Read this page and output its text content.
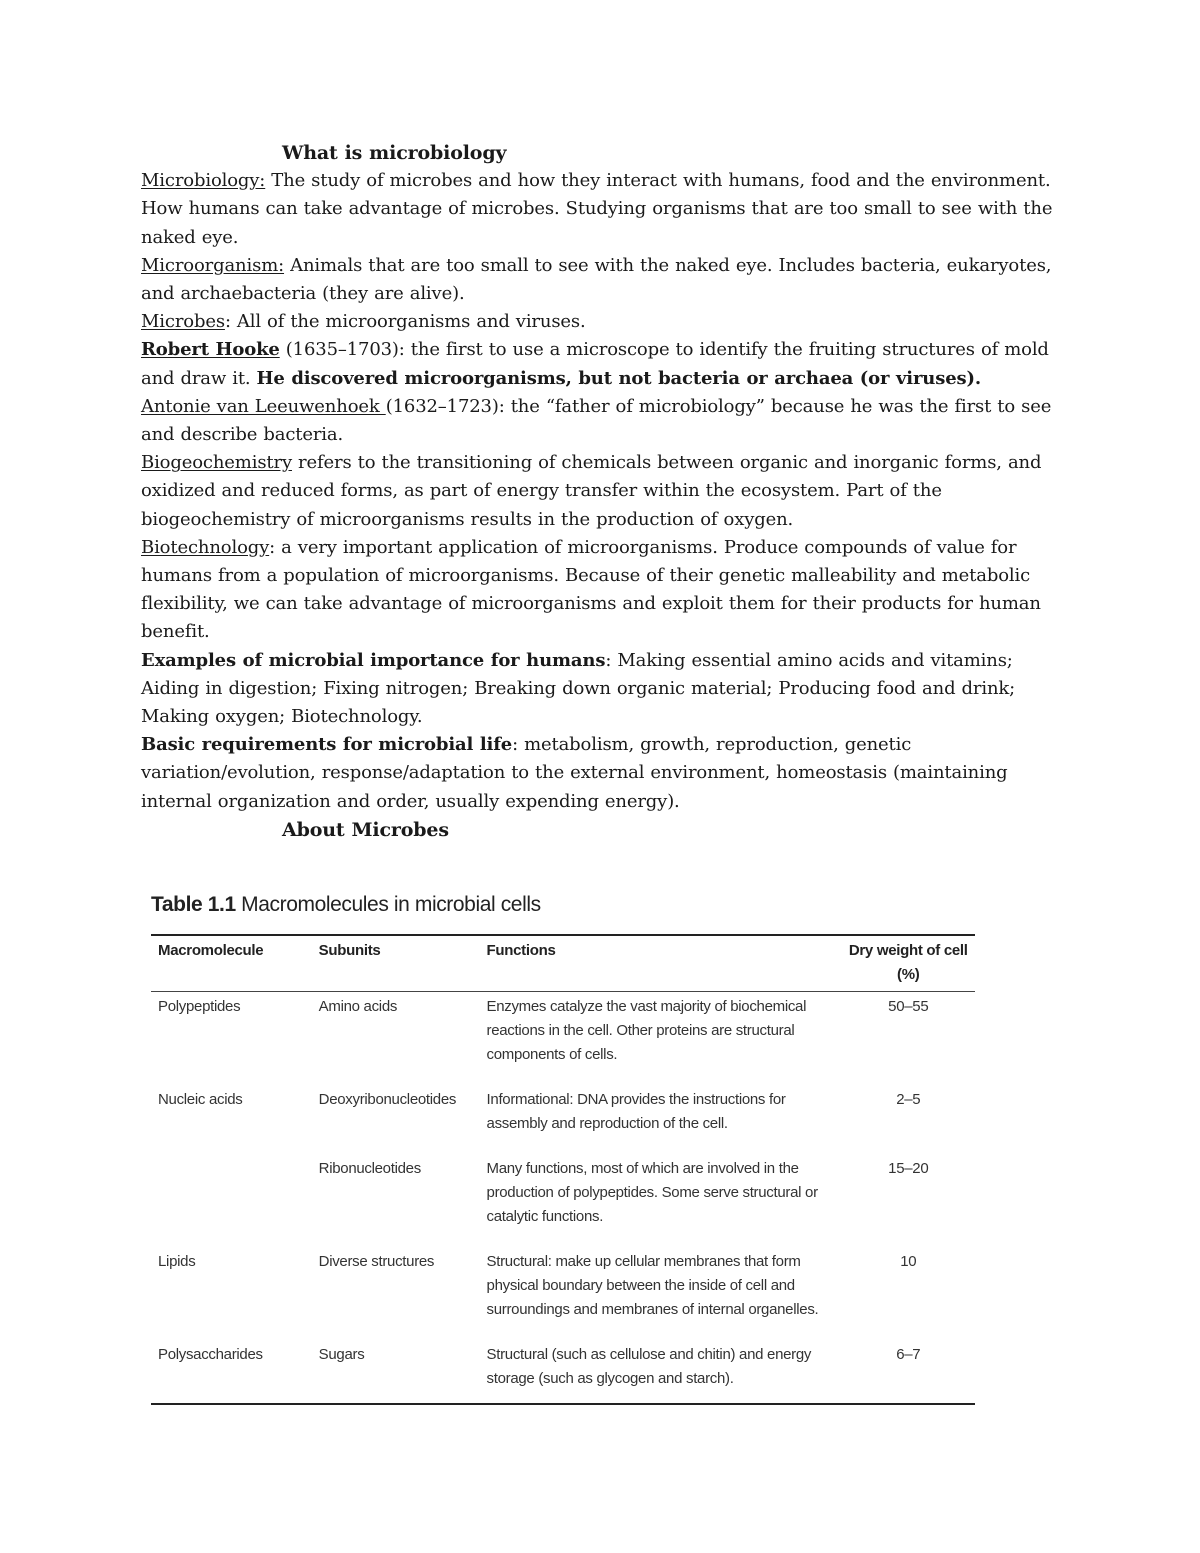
What is microbiology

Microbiology: The study of microbes and how they interact with humans, food and the environment. How humans can take advantage of microbes. Studying organisms that are too small to see with the naked eye.

Microorganism: Animals that are too small to see with the naked eye. Includes bacteria, eukaryotes, and archaebacteria (they are alive).

Microbes: All of the microorganisms and viruses.

Robert Hooke (1635–1703): the first to use a microscope to identify the fruiting structures of mold and draw it. He discovered microorganisms, but not bacteria or archaea (or viruses).

Antonie van Leeuwenhoek (1632–1723): the “father of microbiology” because he was the first to see and describe bacteria.

Biogeochemistry refers to the transitioning of chemicals between organic and inorganic forms, and oxidized and reduced forms, as part of energy transfer within the ecosystem. Part of the biogeochemistry of microorganisms results in the production of oxygen.

Biotechnology: a very important application of microorganisms. Produce compounds of value for humans from a population of microorganisms. Because of their genetic malleability and metabolic flexibility, we can take advantage of microorganisms and exploit them for their products for human benefit.

Examples of microbial importance for humans: Making essential amino acids and vitamins; Aiding in digestion; Fixing nitrogen; Breaking down organic material; Producing food and drink; Making oxygen; Biotechnology.

Basic requirements for microbial life: metabolism, growth, reproduction, genetic variation/evolution, response/adaptation to the external environment, homeostasis (maintaining internal organization and order, usually expending energy).

About Microbes

Table 1.1 Macromolecules in microbial cells

Macromolecule	Subunits	Functions	Dry weight of cell (%)
Polypeptides	Amino acids	Enzymes catalyze the vast majority of biochemical reactions in the cell. Other proteins are structural components of cells.	50–55
Nucleic acids	Deoxyribonucleotides	Informational: DNA provides the instructions for assembly and reproduction of the cell.	2–5
	Ribonucleotides	Many functions, most of which are involved in the production of polypeptides. Some serve structural or catalytic functions.	15–20
Lipids	Diverse structures	Structural: make up cellular membranes that form physical boundary between the inside of cell and surroundings and membranes of internal organelles.	10
Polysaccharides	Sugars	Structural (such as cellulose and chitin) and energy storage (such as glycogen and starch).	6–7
